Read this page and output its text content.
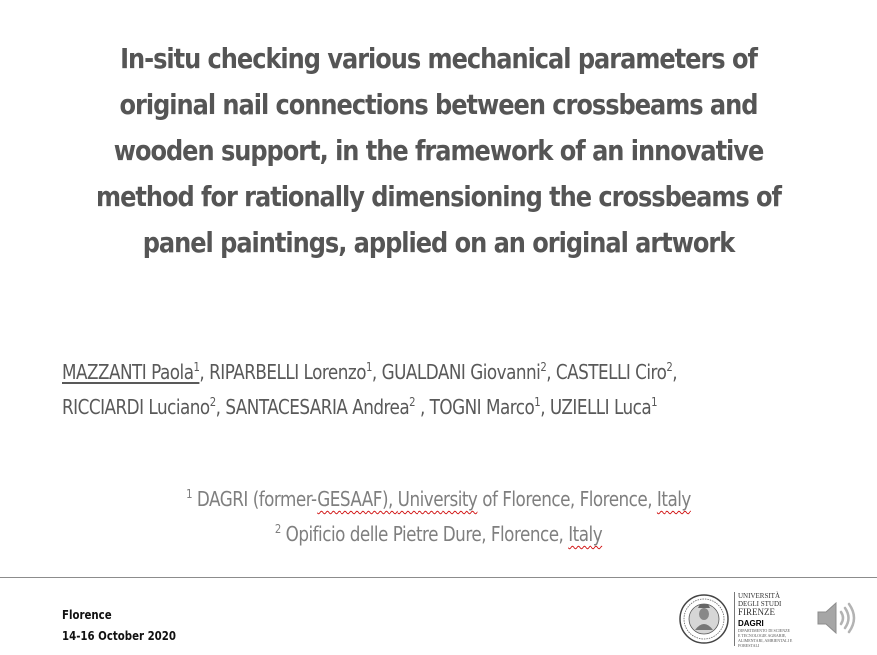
In-situ checking various mechanical parameters of original nail connections between crossbeams and wooden support, in the framework of an innovative method for rationally dimensioning the crossbeams of panel paintings, applied on an original artwork
MAZZANTI Paola$^1$, RIPARBELLI Lorenzo$^1$, GUALDANI Giovanni$^2$, CASTELLI Ciro$^2$,
RICCIARDI Luciano$^2$, SANTACESARIA Andrea$^2$ , TOGNI Marco$^1$, UZIELLI Luca$^1$
$^1$ DAGRI (former-GESAAF), University of Florence, Florence, Italy
$^2$ Opificio delle Pietre Dure, Florence, Italy
Florence
14-16 October 2020
UNIVERSITÀ
DEGLI STUDI
FIRENZE
DAGRI
DIPARTIMENTO DI SCIENZE
E TECNOLOGIE AGRARIE,
ALIMENTARI, AMBIENTALI E FORESTALI
